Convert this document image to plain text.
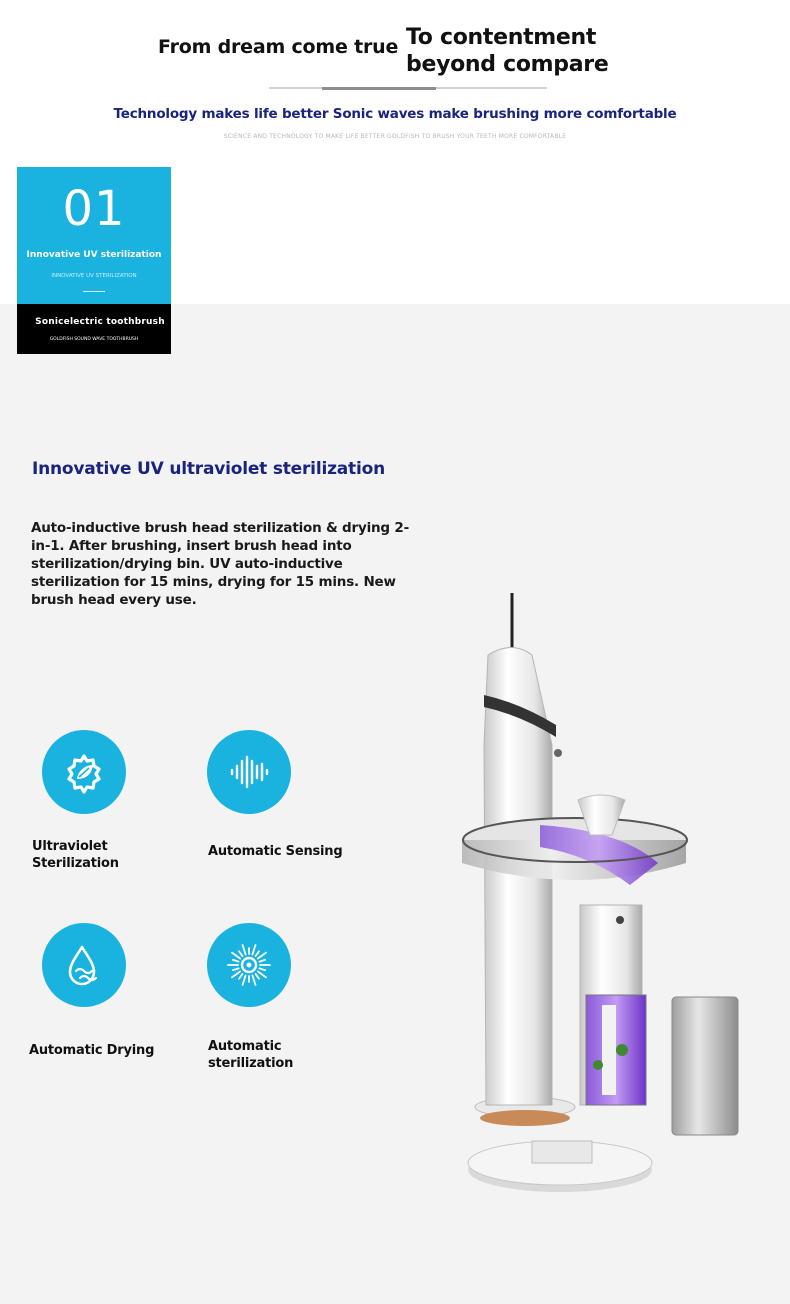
From dream come true To contentment
beyond compare
Technology makes life better Sonic waves make brushing more comfortable
SCIENCE AND TECHNOLOGY TO MAKE LIFE BETTER GOLDFISH TO BRUSH YOUR TEETH MORE COMFORTABLE
01
Innovative UV sterilization
INNOVATIVE UV STERILIZATION
Sonicelectric toothbrush
GOLDFISH SOUND WAVE TOOTHBRUSH
Innovative UV ultraviolet sterilization
Auto-inductive brush head sterilization & drying 2-in-1. After brushing, insert brush head into sterilization/drying bin. UV auto-inductive sterilization for 15 mins, drying for 15 mins. New brush head every use.
Ultraviolet
Sterilization
Automatic Sensing
Automatic Drying	Automatic
sterilization
